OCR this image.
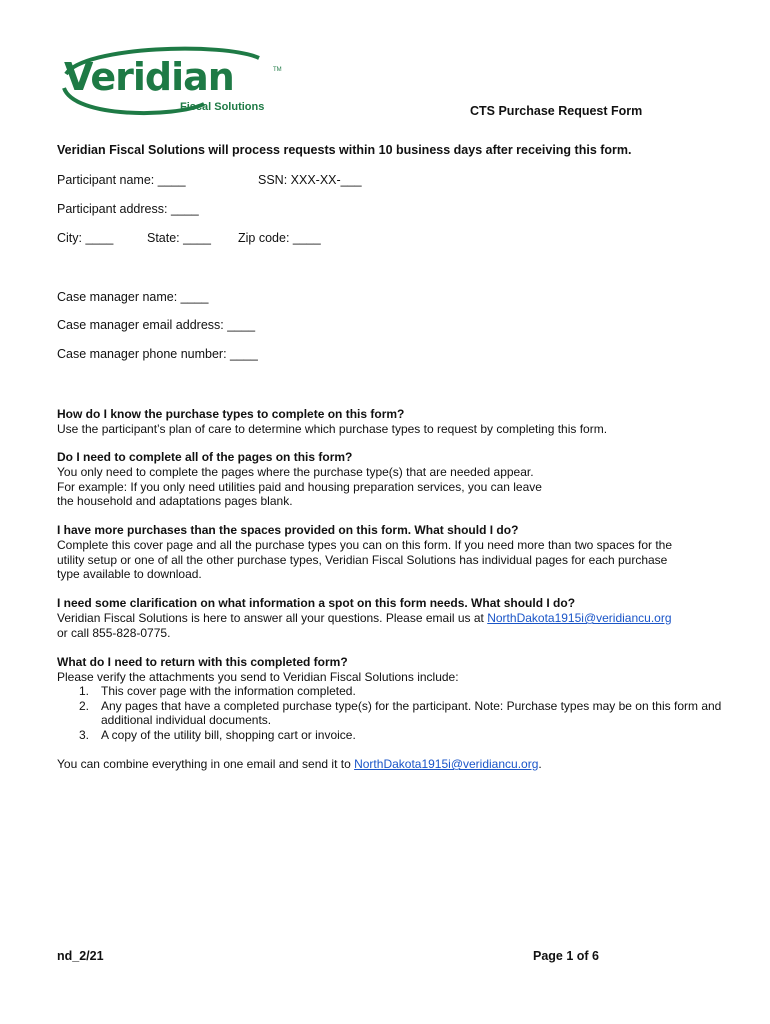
Veridian	TM
Fiscal Solutions	CTS Purchase Request Form
Veridian Fiscal Solutions will process requests within 10 business days after receiving this form.
Participant name: ____	SSN: XXX-XX-___
Participant address: ____
City: ____	State: ____ Zip code: ____
Case manager name: ____
Case manager email address: ____
Case manager phone number: ____
How do I know the purchase types to complete on this form?
Use the participant’s plan of care to determine which purchase types to request by completing this form.
Do I need to complete all of the pages on this form?
You only need to complete the pages where the purchase type(s) that are needed appear.
For example: If you only need utilities paid and housing preparation services, you can leave
the household and adaptations pages blank.
I have more purchases than the spaces provided on this form. What should I do?
Complete this cover page and all the purchase types you can on this form. If you need more than two spaces for the
utility setup or one of all the other purchase types, Veridian Fiscal Solutions has individual pages for each purchase
type available to download.
I need some clarification on what information a spot on this form needs. What should I do?
Veridian Fiscal Solutions is here to answer all your questions. Please email us at NorthDakota1915i@veridiancu.org
or call 855-828-0775.
What do I need to return with this completed form?
Please verify the attachments you send to Veridian Fiscal Solutions include:
1. This cover page with the information completed.
2. Any pages that have a completed purchase type(s) for the participant. Note: Purchase types may be on this form and additional individual documents.
3. A copy of the utility bill, shopping cart or invoice.
You can combine everything in one email and send it to NorthDakota1915i@veridiancu.org.
nd_2/21	Page 1 of 6
